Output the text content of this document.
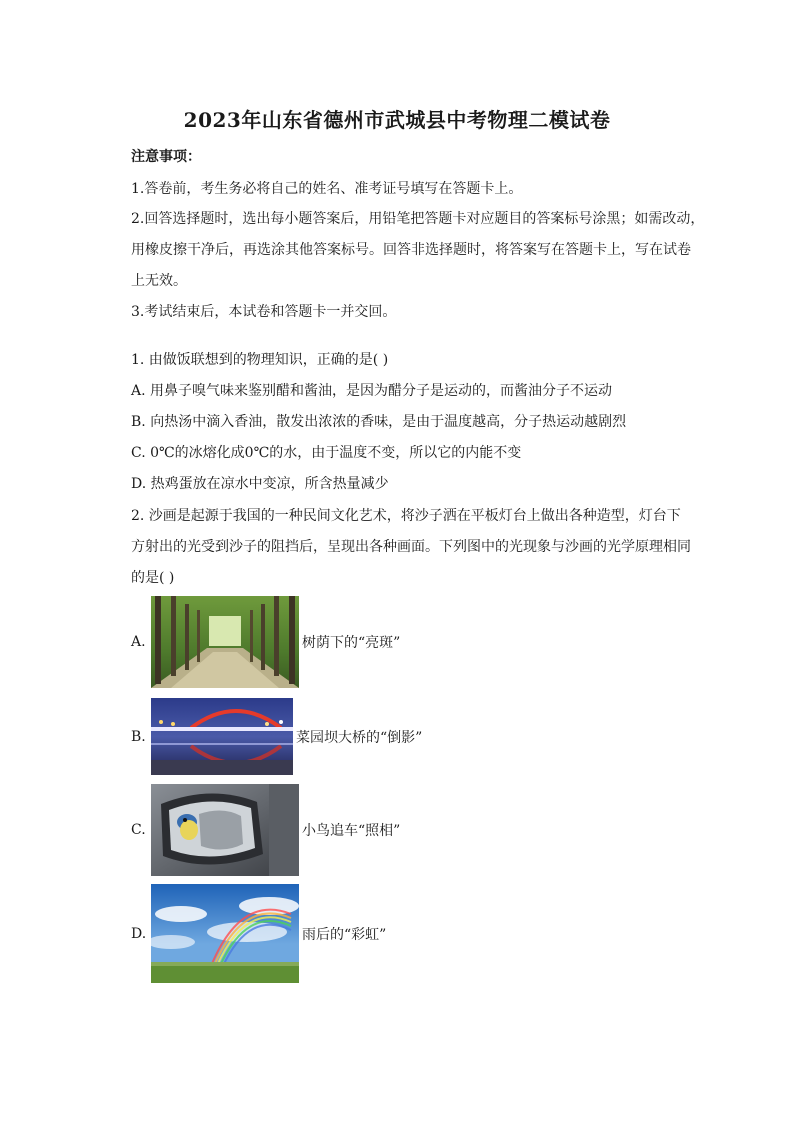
2023年山东省德州市武城县中考物理二模试卷
注意事项：
1.答卷前，考生务必将自己的姓名、准考证号填写在答题卡上。
2.回答选择题时，选出每小题答案后，用铅笔把答题卡对应题目的答案标号涂黑；如需改动，
用橡皮擦干净后，再选涂其他答案标号。回答非选择题时，将答案写在答题卡上，写在试卷
上无效。
3.考试结束后，本试卷和答题卡一并交回。
1. 由做饭联想到的物理知识，正确的是( )
A. 用鼻子嗅气味来鉴别醋和酱油，是因为醋分子是运动的，而酱油分子不运动
B. 向热汤中滴入香油，散发出浓浓的香味，是由于温度越高，分子热运动越剧烈
C. 0℃的冰熔化成0℃的水，由于温度不变，所以它的内能不变
D. 热鸡蛋放在凉水中变凉，所含热量减少
2. 沙画是起源于我国的一种民间文化艺术，将沙子洒在平板灯台上做出各种造型，灯台下
方射出的光受到沙子的阻挡后，呈现出各种画面。下列图中的光现象与沙画的光学原理相同
的是( )
A.	树荫下的“亮斑”
B.	菜园坝大桥的“倒影”
C.	小鸟追车“照相”
D.	雨后的“彩虹”
